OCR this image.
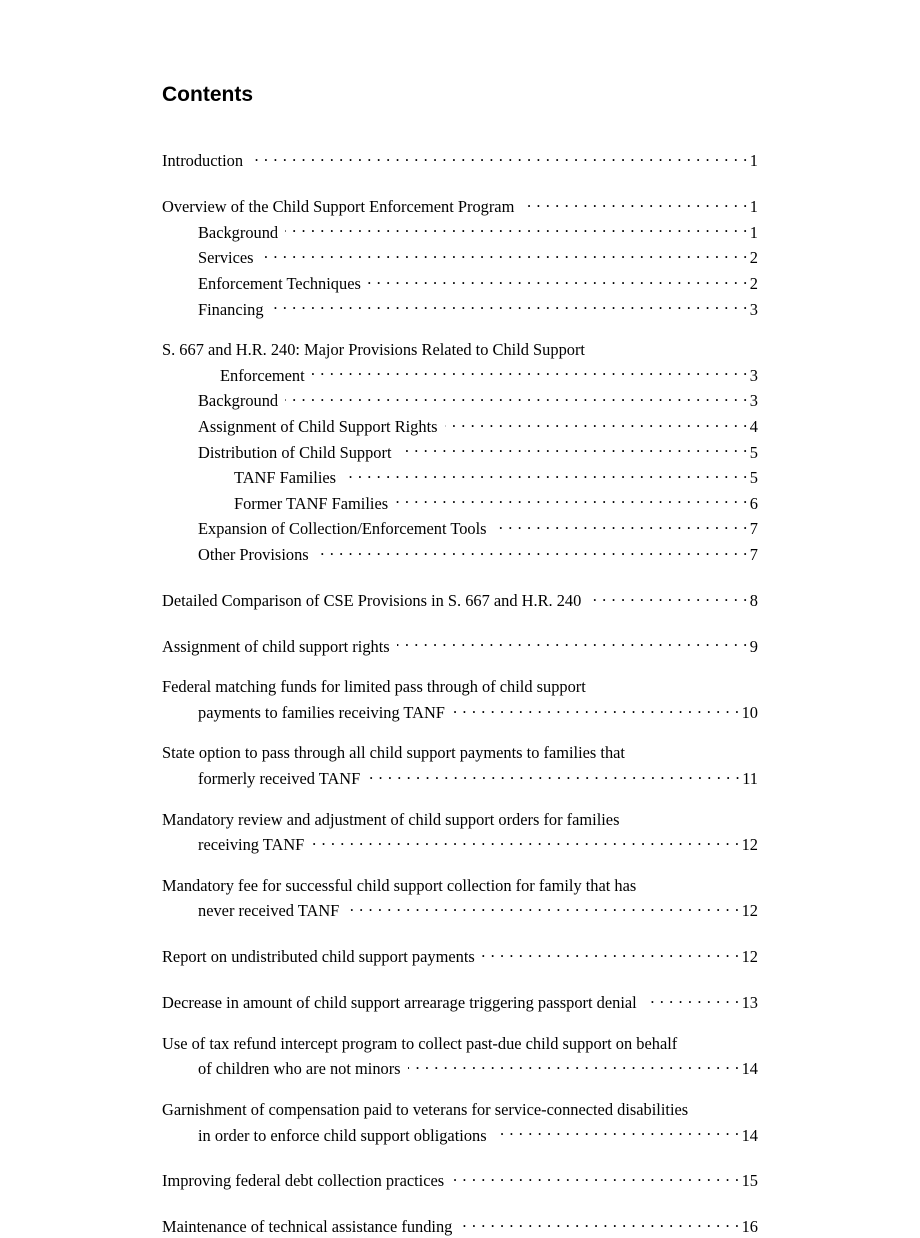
Contents
Introduction . . .	1
Overview of the Child Support Enforcement Program . . .	1
Background . . .	1
Services . . .	2
Enforcement Techniques . . .	2
Financing . . .	3
S. 667 and H.R. 240: Major Provisions Related to Child Support
Enforcement . . .	3
Background . . .	3
Assignment of Child Support Rights . . .	4
Distribution of Child Support . . .	5
TANF Families . . .	5
Former TANF Families . . .	6
Expansion of Collection/Enforcement Tools . . .	7
Other Provisions . . .	7
Detailed Comparison of CSE Provisions in S. 667 and H.R. 240 . . .	8
Assignment of child support rights . . .	9
Federal matching funds for limited pass through of child support
payments to families receiving TANF . . .	10
State option to pass through all child support payments to families that
formerly received TANF . . .	11
Mandatory review and adjustment of child support orders for families
receiving TANF . . .	12
Mandatory fee for successful child support collection for family that has
never received TANF . . .	12
Report on undistributed child support payments . . .	12
Decrease in amount of child support arrearage triggering passport denial . . .	13
Use of tax refund intercept program to collect past-due child support on behalf
of children who are not minors . . .	14
Garnishment of compensation paid to veterans for service-connected disabilities
in order to enforce child support obligations . . .	14
Improving federal debt collection practices . . .	15
Maintenance of technical assistance funding . . .	16
